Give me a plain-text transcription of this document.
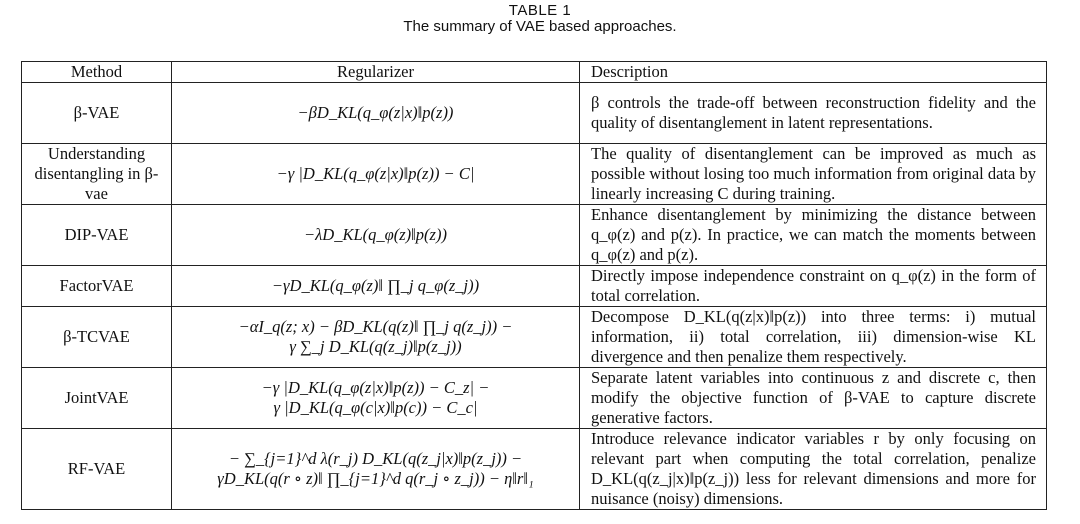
TABLE 1
The summary of VAE based approaches.
Method	Regularizer	Description
β-VAE	−βD_KL(q_φ(z|x)‖p(z))	β controls the trade-off between reconstruction fidelity and the quality of disentanglement in latent representations.
Understanding disentangling in β-vae	−γ |D_KL(q_φ(z|x)‖p(z)) − C|	The quality of disentanglement can be improved as much as possible without losing too much information from original data by linearly increasing C during training.
DIP-VAE	−λD_KL(q_φ(z)‖p(z))	Enhance disentanglement by minimizing the distance between q_φ(z) and p(z). In practice, we can match the moments between q_φ(z) and p(z).
FactorVAE	−γD_KL(q_φ(z)‖ ∏_j q_φ(z_j))	Directly impose independence constraint on q_φ(z) in the form of total correlation.
β-TCVAE	−αI_q(z; x) − βD_KL(q(z)‖ ∏_j q(z_j)) −
γ ∑_j D_KL(q(z_j)‖p(z_j))	Decompose D_KL(q(z|x)‖p(z)) into three terms: i) mutual information, ii) total correlation, iii) dimension-wise KL divergence and then penalize them respectively.
JointVAE	−γ |D_KL(q_φ(z|x)‖p(z)) − C_z| −
γ |D_KL(q_φ(c|x)‖p(c)) − C_c|	Separate latent variables into continuous z and discrete c, then modify the objective function of β-VAE to capture discrete generative factors.
RF-VAE	− ∑_{j=1}^d λ(r_j) D_KL(q(z_j|x)‖p(z_j)) −
γD_KL(q(r ∘ z)‖ ∏_{j=1}^d q(r_j ∘ z_j)) − η‖r‖₁	Introduce relevance indicator variables r by only focusing on relevant part when computing the total correlation, penalize D_KL(q(z_j|x)‖p(z_j)) less for relevant dimensions and more for nuisance (noisy) dimensions.
